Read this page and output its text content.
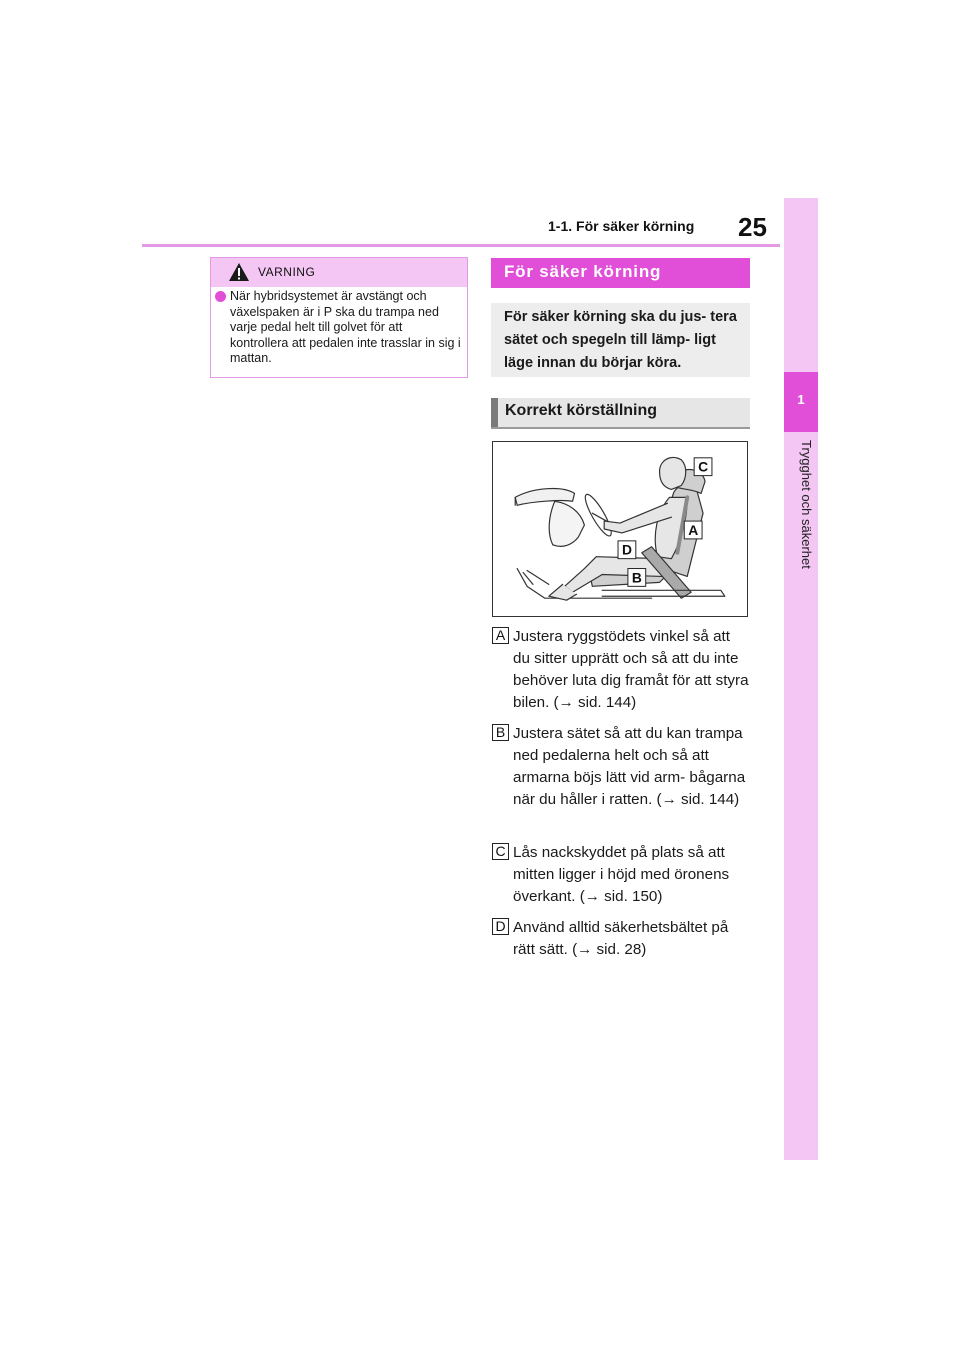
1
Trygghet och säkerhet
1-1. För säker körning 25
VARNING
När hybridsystemet är avstängt och växelspaken är i P ska du trampa ned varje pedal helt till golvet för att kontrollera att pedalen inte trasslar in sig i mattan.
För säker körning
För säker körning ska du jus- tera sätet och spegeln till lämp- ligt läge innan du börjar köra.
Korrekt körställning
C
A
D
B
A Justera ryggstödets vinkel så att du sitter upprätt och så att du inte behöver luta dig framåt för att styra bilen. (→ sid. 144)
B Justera sätet så att du kan trampa ned pedalerna helt och så att armarna böjs lätt vid arm- bågarna när du håller i ratten. (→ sid. 144)
C Lås nackskyddet på plats så att mitten ligger i höjd med öronens överkant. (→ sid. 150)
D Använd alltid säkerhetsbältet på rätt sätt. (→ sid. 28)
